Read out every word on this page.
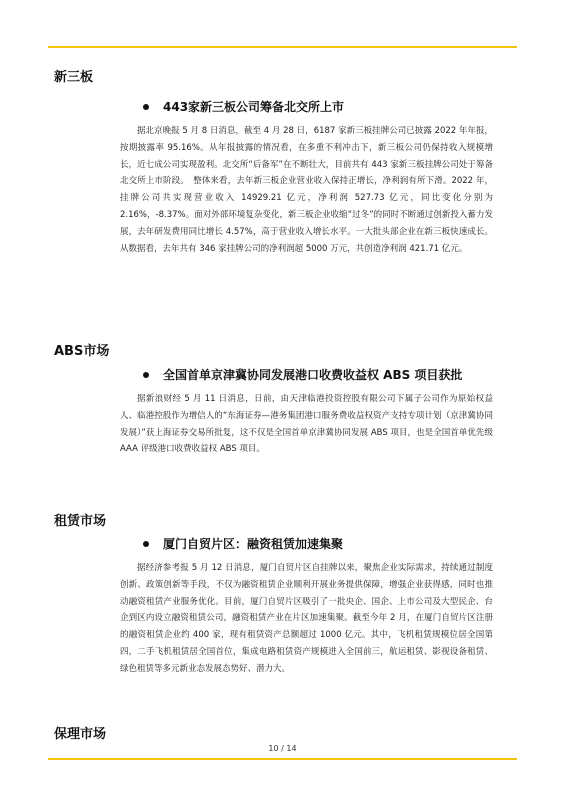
新三板
443家新三板公司筹备北交所上市

据北京晚报 5 月 8 日消息，截至 4 月 28 日，6187 家新三板挂牌公司已披露 2022 年年报，按期披露率 95.16%。从年报披露的情况看，在多重不利冲击下，新三板公司仍保持收入规模增长，近七成公司实现盈利。北交所“后备军”在不断壮大，目前共有 443 家新三板挂牌公司处于筹备北交所上市阶段。　整体来看，去年新三板企业营业收入保持正增长，净利润有所下滑。2022 年，挂牌公司共实现营业收入 14929.21 亿元，净利润 527.73 亿元，同比变化分别为 2.16%，-8.37%。面对外部环境复杂变化，新三板企业收缩“过冬”的同时不断通过创新投入蓄力发展，去年研发费用同比增长 4.57%，高于营业收入增长水平。一大批头部企业在新三板快速成长。从数据看，去年共有 346 家挂牌公司的净利润超 5000 万元，共创造净利润 421.71 亿元。

ABS市场
全国首单京津冀协同发展港口收费收益权 ABS 项目获批

据新浪财经 5 月 11 日消息，日前，由天津临港投资控股有限公司下属子公司作为原始权益人、临港控股作为增信人的“东海证券—港务集团港口服务费收益权资产支持专项计划（京津冀协同发展）”获上海证券交易所批复，这不仅是全国首单京津冀协同发展 ABS 项目，也是全国首单优先级 AAA 评级港口收费收益权 ABS 项目。

租赁市场
厦门自贸片区：融资租赁加速集聚

据经济参考报 5 月 12 日消息，厦门自贸片区自挂牌以来，聚焦企业实际需求，持续通过制度创新、政策创新等手段，不仅为融资租赁企业顺利开展业务提供保障，增强企业获得感，同时也推动融资租赁产业服务优化。目前，厦门自贸片区吸引了一批央企、国企、上市公司及大型民企、台企到区内设立融资租赁公司，融资租赁产业在片区加速集聚。截至今年 2 月，在厦门自贸片区注册的融资租赁企业约 400 家，现有租赁资产总额超过 1000 亿元。其中，飞机租赁规模位居全国第四，二手飞机租赁居全国首位，集成电路租赁资产规模进入全国前三，航运租赁、影视设备租赁、绿色租赁等多元新业态发展态势好、潜力大。

保理市场
10 / 14
